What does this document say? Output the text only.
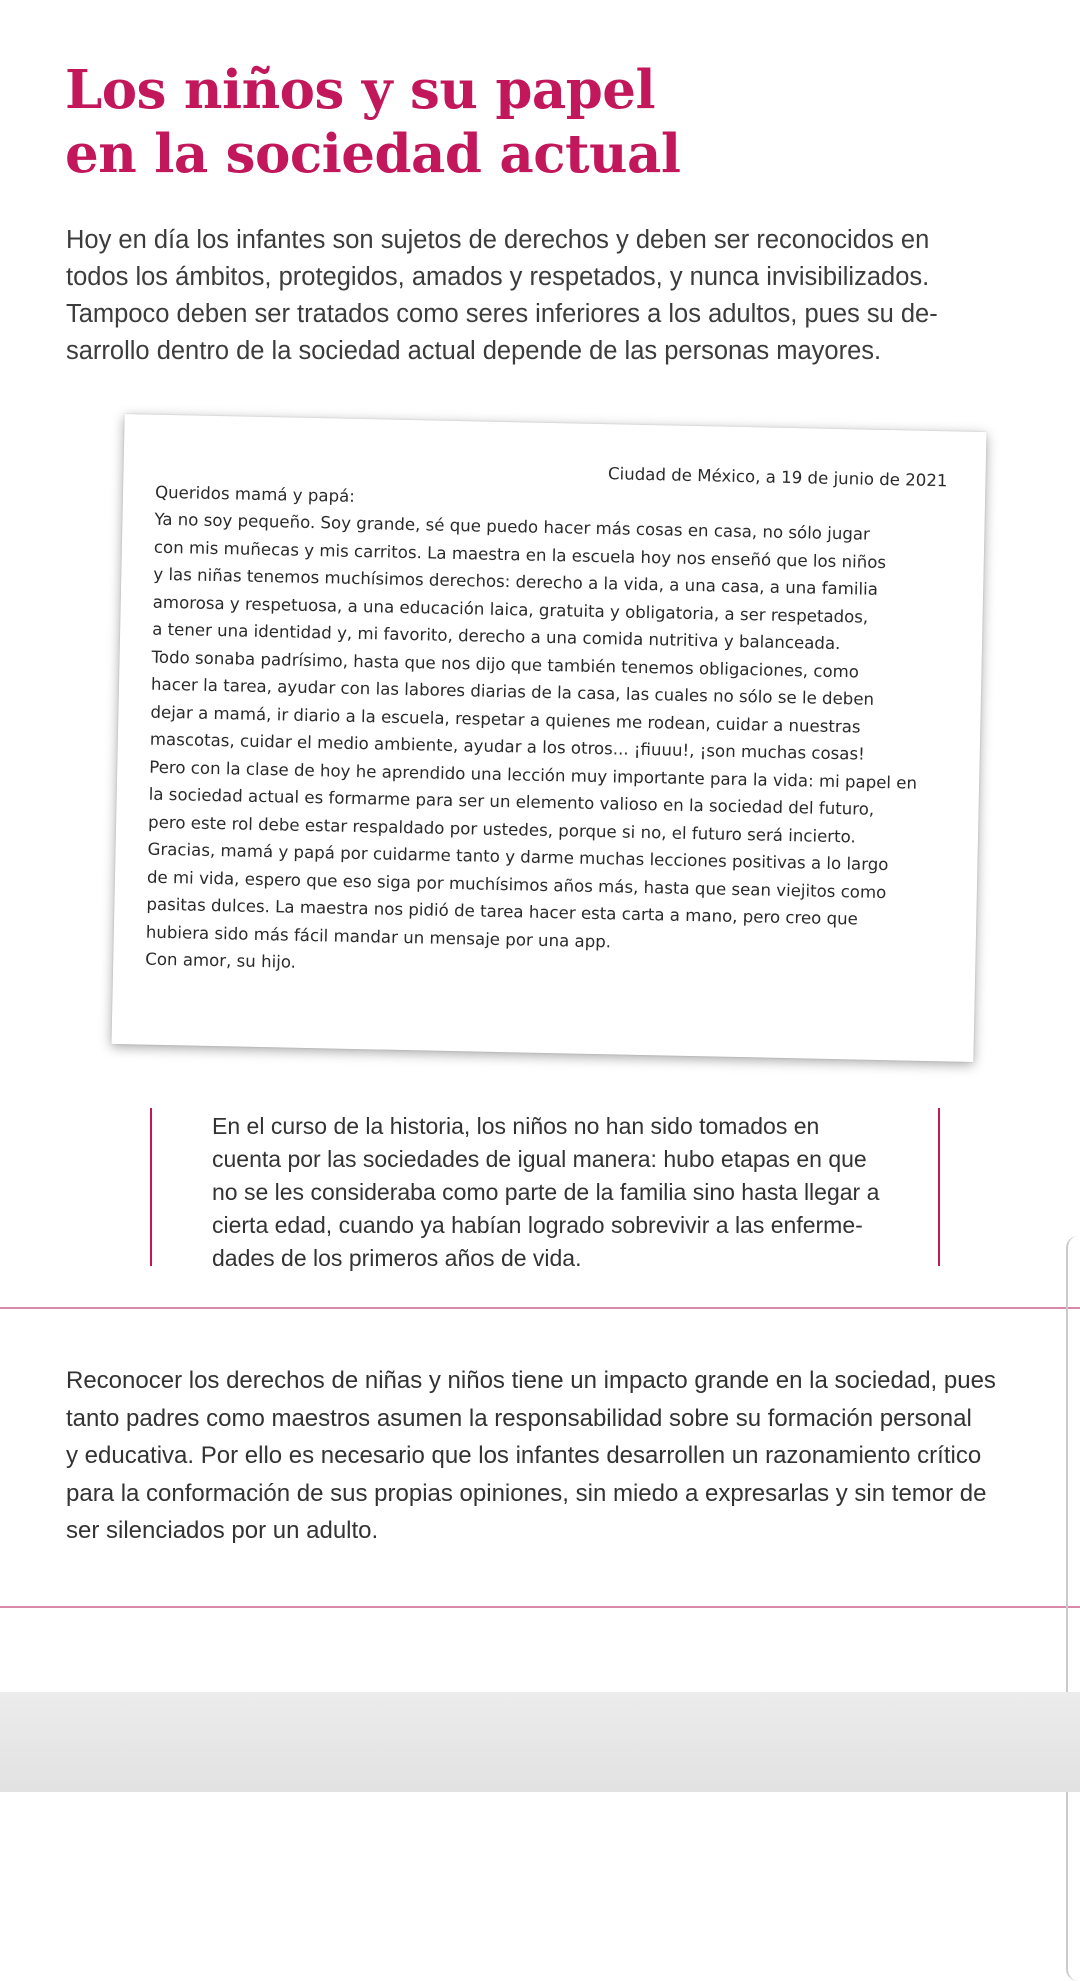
Los niños y su papel
en la sociedad actual
Hoy en día los infantes son sujetos de derechos y deben ser reconocidos en
todos los ámbitos, protegidos, amados y respetados, y nunca invisibilizados.
Tampoco deben ser tratados como seres inferiores a los adultos, pues su de-
sarrollo dentro de la sociedad actual depende de las personas mayores.
Ciudad de México, a 19 de junio de 2021
Queridos mamá y papá:
Ya no soy pequeño. Soy grande, sé que puedo hacer más cosas en casa, no sólo jugar
con mis muñecas y mis carritos. La maestra en la escuela hoy nos enseñó que los niños
y las niñas tenemos muchísimos derechos: derecho a la vida, a una casa, a una familia
amorosa y respetuosa, a una educación laica, gratuita y obligatoria, a ser respetados,
a tener una identidad y, mi favorito, derecho a una comida nutritiva y balanceada.
Todo sonaba padrísimo, hasta que nos dijo que también tenemos obligaciones, como
hacer la tarea, ayudar con las labores diarias de la casa, las cuales no sólo se le deben
dejar a mamá, ir diario a la escuela, respetar a quienes me rodean, cuidar a nuestras
mascotas, cuidar el medio ambiente, ayudar a los otros... ¡fiuuu!, ¡son muchas cosas!
Pero con la clase de hoy he aprendido una lección muy importante para la vida: mi papel en
la sociedad actual es formarme para ser un elemento valioso en la sociedad del futuro,
pero este rol debe estar respaldado por ustedes, porque si no, el futuro será incierto.
Gracias, mamá y papá por cuidarme tanto y darme muchas lecciones positivas a lo largo
de mi vida, espero que eso siga por muchísimos años más, hasta que sean viejitos como
pasitas dulces. La maestra nos pidió de tarea hacer esta carta a mano, pero creo que
hubiera sido más fácil mandar un mensaje por una app.
Con amor, su hijo.
En el curso de la historia, los niños no han sido tomados en
cuenta por las sociedades de igual manera: hubo etapas en que
no se les consideraba como parte de la familia sino hasta llegar a
cierta edad, cuando ya habían logrado sobrevivir a las enferme-
dades de los primeros años de vida.
Reconocer los derechos de niñas y niños tiene un impacto grande en la sociedad, pues
tanto padres como maestros asumen la responsabilidad sobre su formación personal
y educativa. Por ello es necesario que los infantes desarrollen un razonamiento crítico
para la conformación de sus propias opiniones, sin miedo a expresarlas y sin temor de
ser silenciados por un adulto.
